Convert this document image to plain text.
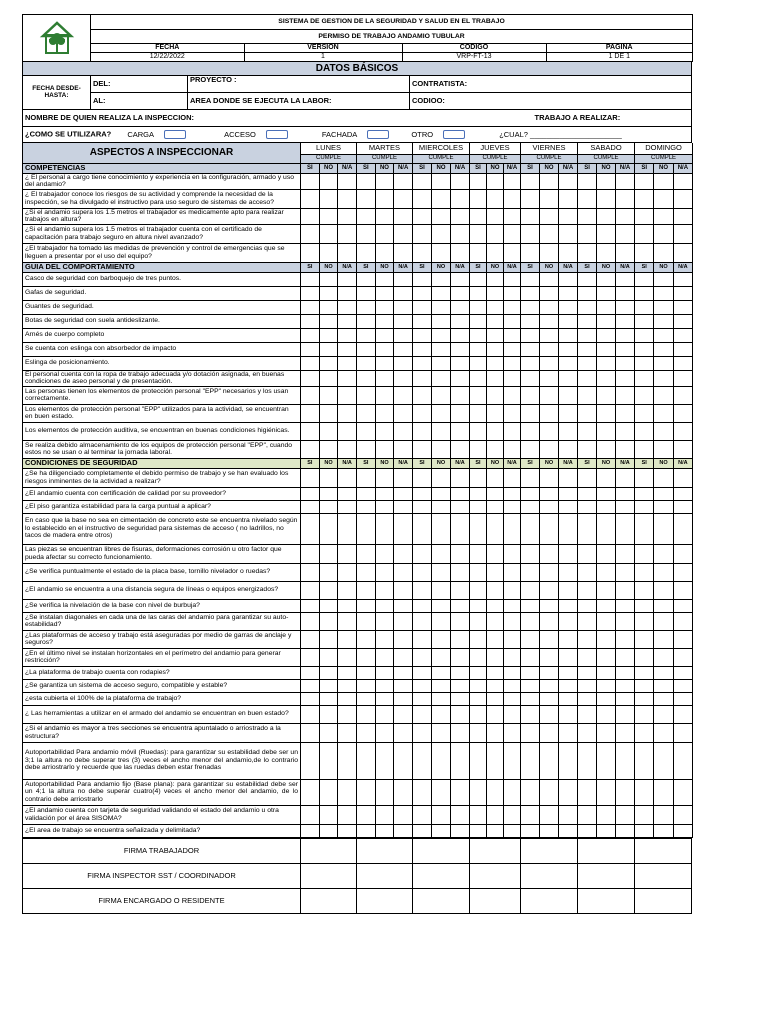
	SISTEMA DE GESTION DE LA SEGURIDAD Y SALUD EN EL TRABAJO
PERMISO DE TRABAJO ANDAMIO TUBULAR

FECHA	VERSIÓN	CODIGO	PAGINA
12/22/2022	1	VRP-FT-13	1 DE 1
DATOS BÁSICOS			
FECHA DESDE-HASTA:	DEL:	PROYECTO :	CONTRATISTA:
	AL:	AREA DONDE SE EJECUTA LA LABOR:	CODIOO:
NOMBRE DE QUIEN REALIZA LA INSPECCION:	TRABAJO A REALIZAR:
¿COMO SE UTILIZARA? CARGA	ACCESO	FACHADA	OTRO	¿CUAL? ______________________
ASPECTOS A INSPECCIONAR	LUNES			MARTES			MIERCOLES			JUEVES			VIERNES			SABADO			DOMINGO		
	CUMPLE			CUMPLE			CUMPLE			CUMPLE			CUMPLE			CUMPLE			CUMPLE		
COMPETENCIAS	SI	NO	N/A	SI	NO	N/A	SI	NO	N/A	SI	NO	N/A	SI	NO	N/A	SI	NO	N/A	SI	NO	N/A
¿ El personal a cargo tiene conocimiento y experiencia en la configuración, armado y uso del andamio?																					
¿ El trabajador conoce los riesgos de su actividad y comprende la necesidad de la inspección, se ha divulgado el instructivo para uso seguro de sistemas de acceso?																					
¿Si el andamio supera los 1.5 metros el trabajador es medicamente apto para realizar trabajos en altura?																					
¿Si el andamio supera los 1.5 metros el trabajador cuenta con el certificado de capacitación para trabajo seguro en altura nivel avanzado?																					
¿El trabajador ha tomado las medidas de prevención y control de emergencias que se lleguen a presentar por el uso del equipo?																					
GUIA DEL COMPORTAMIENTO	SI	NO	N/A	SI	NO	N/A	SI	NO	N/A	SI	NO	N/A	SI	NO	N/A	SI	NO	N/A	SI	NO	N/A
Casco de seguridad con barboquejo de tres puntos.																					
Gafas de seguridad.																					
Guantes de seguridad.																					
Botas de seguridad con suela antideslizante.																					
Arnés de cuerpo completo																					
Se cuenta con eslinga con absorbedor de impacto																					
Eslinga de posicionamiento.																					
El personal cuenta con la ropa de trabajo adecuada y/o dotación asignada, en buenas condiciones de aseo personal y de presentación.																					
Las personas tienen los elementos de protección personal "EPP" necesarios y los usan correctamente.																					
Los elementos de protección personal "EPP" utilizados para la actividad, se encuentran en buen estado.																					
Los elementos de protección auditiva, se encuentran en buenas condiciones higiénicas.																					
Se realiza debido almacenamiento de los equipos de protección personal "EPP", cuando estos no se usan o al terminar la jornada laboral.																					
CONDICIONES DE SEGURIDAD	SI	NO	N/A	SI	NO	N/A	SI	NO	N/A	SI	NO	N/A	SI	NO	N/A	SI	NO	N/A	SI	NO	N/A
¿Se ha diligenciado completamente el debido permiso de trabajo y se han evaluado los riesgos inminentes de la actividad a realizar?																					
¿El andamio cuenta con certificación de calidad por su proveedor?																					
¿El piso garantiza estabilidad para la carga puntual a aplicar?																					
En caso que la base no sea en cimentación de concreto este se encuentra nivelado según lo establecido en el instructivo de seguridad para sistemas de acceso ( no ladrillos, no tacos de madera entre otros)																					
Las piezas se encuentran libres de fisuras, deformaciones corrosión u otro factor que pueda afectar su correcto funcionamiento.																					
¿Se verifica puntualmente el estado de la placa base, tornillo nivelador o ruedas?																					
¿El andamio se encuentra a una distancia segura de líneas o equipos energizados?																					
¿Se verifica la nivelación de la base con nivel de burbuja?																					
¿Se instalan diagonales en cada una de las caras del andamio para garantizar su auto-estabilidad?																					
¿Las plataformas de acceso y trabajo está aseguradas por medio de garras de anclaje y seguros?																					
¿En el último nivel se instalan horizontales en el perímetro del andamio para generar restricción?																					
¿La plataforma de trabajo cuenta con rodapies?																					
¿Se garantiza un sistema de acceso seguro, compatible y estable?																					
¿esta cubierta el 100% de la plataforma de trabajo?																					
¿ Las herramientas a utilizar en el armado del andamio se encuentran en buen estado?																					
¿Si el andamio es mayor a tres secciones se encuentra apuntalado o arriostrado a la estructura?																					
Autoportabilidad Para andamio móvil (Ruedas): para garantizar su estabilidad debe ser un 3;1 la altura no debe superar tres (3) veces el ancho menor del andamio,de lo contrario debe arriostrarlo y recuerde que las ruedas deben estar frenadas																					
Autoportabilidad Para andamio fijo (Base plana): para garantizar su estabilidad debe ser un 4;1 la altura no debe superar cuatro(4) veces el ancho menor del andamio, de lo contrario debe arriostrarlo																					
¿El andamio cuenta con tarjeta de seguridad validando el estado del andamio u otra validación por el área SISOMA?																					
¿El area de trabajo se encuentra señalizada y delimitada?																					
FIRMA TRABAJADOR							
FIRMA INSPECTOR SST / COORDINADOR							
FIRMA ENCARGADO O RESIDENTE							
